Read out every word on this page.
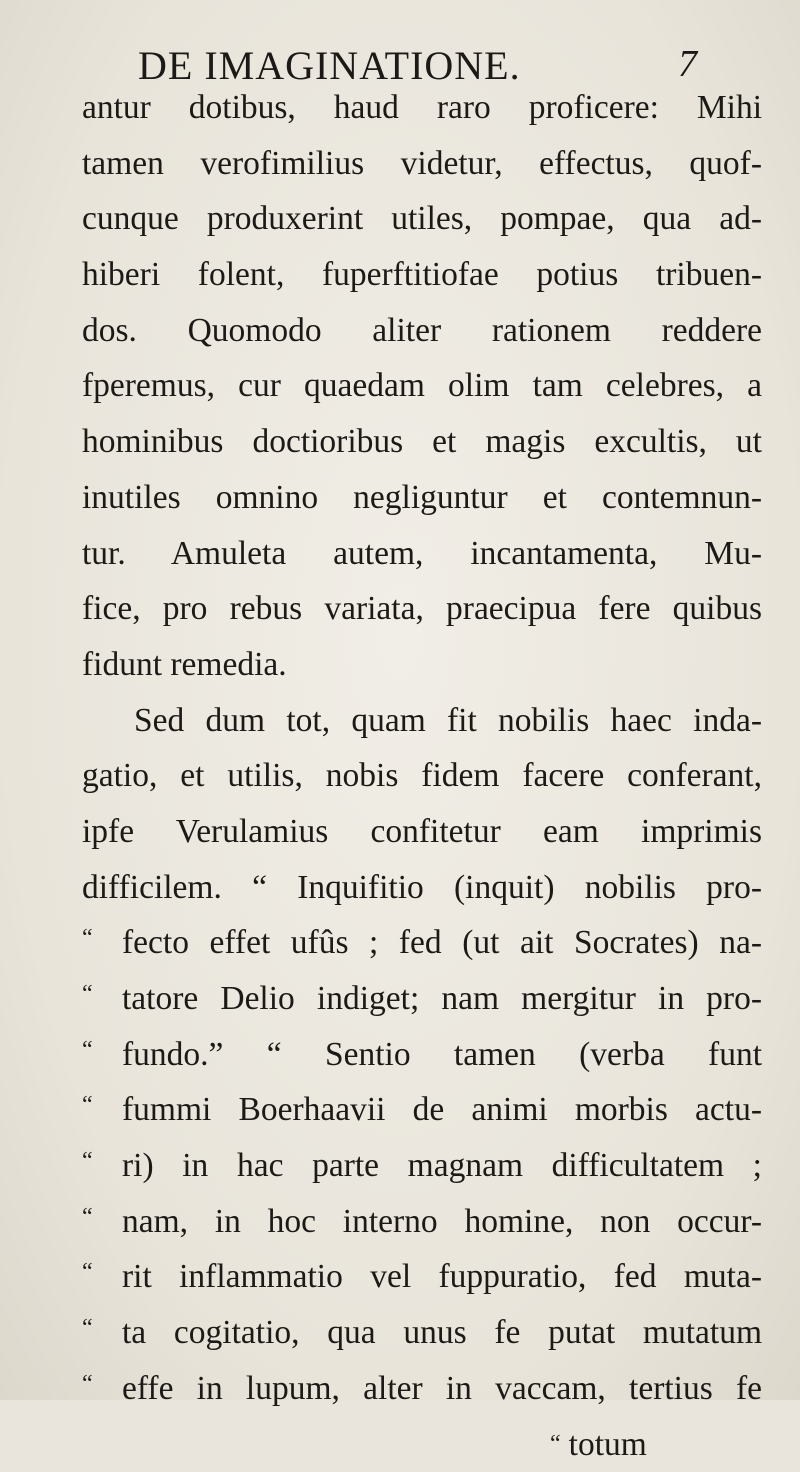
DE IMAGINATIONE.	7
antur dotibus, haud raro proficere: Mihi
tamen verofimilius videtur, effectus, quof-
cunque produxerint utiles, pompae, qua ad-
hiberi folent, fuperftitiofae potius tribuen-
dos. Quomodo aliter rationem reddere
fperemus, cur quaedam olim tam celebres, a
hominibus doctioribus et magis excultis, ut
inutiles omnino negliguntur et contemnun-
tur. Amuleta autem, incantamenta, Mu-
fice, pro rebus variata, praecipua fere quibus
fidunt remedia.
Sed dum tot, quam fit nobilis haec inda-
gatio, et utilis, nobis fidem facere conferant,
ipfe Verulamius confitetur eam imprimis
difficilem. “ Inquifitio (inquit) nobilis pro-
“ fecto effet ufûs ; fed (ut ait Socrates) na-
“ tatore Delio indiget; nam mergitur in pro-
“ fundo.” “ Sentio tamen (verba funt
“ fummi Boerhaavii de animi morbis actu-
“ ri) in hac parte magnam difficultatem ;
“ nam, in hoc interno homine, non occur-
“ rit inflammatio vel fuppuratio, fed muta-
“ ta cogitatio, qua unus fe putat mutatum
“ effe in lupum, alter in vaccam, tertius fe
“ totum
